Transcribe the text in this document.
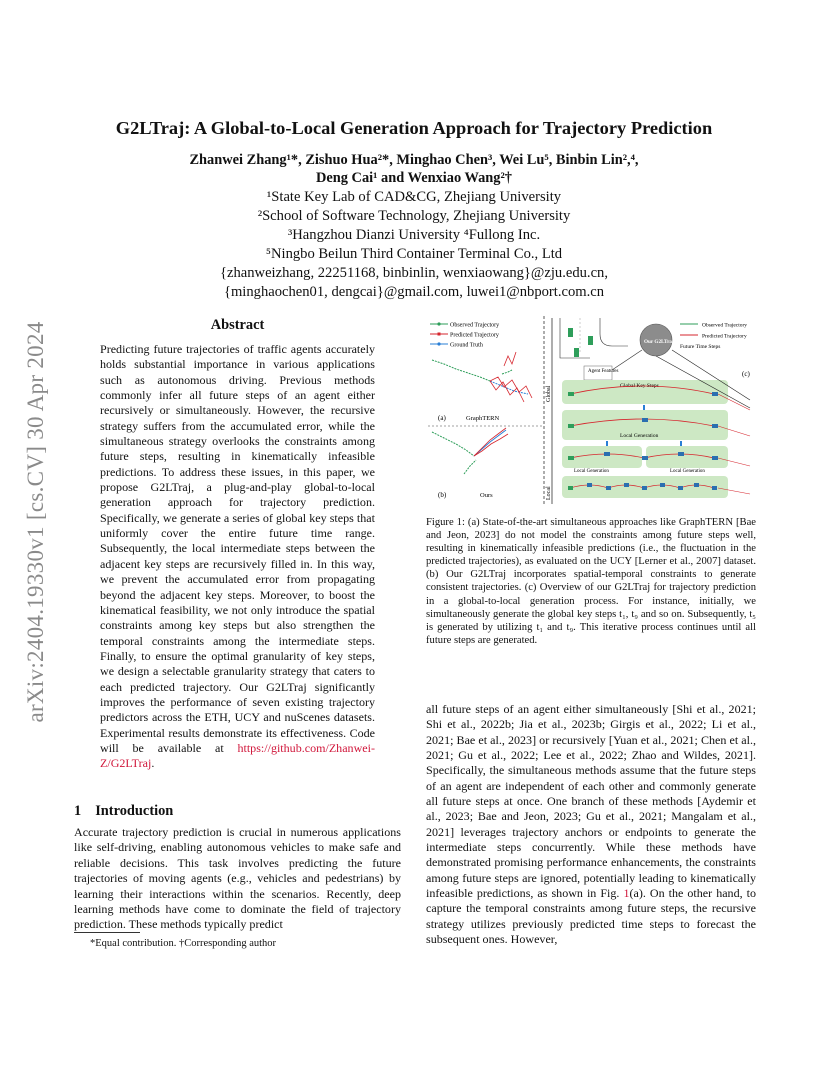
arXiv:2404.19330v1 [cs.CV] 30 Apr 2024
G2LTraj: A Global-to-Local Generation Approach for Trajectory Prediction
Zhanwei Zhang¹*, Zishuo Hua²*, Minghao Chen³, Wei Lu⁵, Binbin Lin²,⁴,
Deng Cai¹ and Wenxiao Wang²†
¹State Key Lab of CAD&CG, Zhejiang University
²School of Software Technology, Zhejiang University
³Hangzhou Dianzi University ⁴Fullong Inc.
⁵Ningbo Beilun Third Container Terminal Co., Ltd
{zhanweizhang, 22251168, binbinlin, wenxiaowang}@zju.edu.cn,
{minghaochen01, dengcai}@gmail.com, luwei1@nbport.com.cn
Abstract
Predicting future trajectories of traffic agents accurately holds substantial importance in various applications such as autonomous driving. Previous methods commonly infer all future steps of an agent either recursively or simultaneously. However, the recursive strategy suffers from the accumulated error, while the simultaneous strategy overlooks the constraints among future steps, resulting in kinematically infeasible predictions. To address these issues, in this paper, we propose G2LTraj, a plug-and-play global-to-local generation approach for trajectory prediction. Specifically, we generate a series of global key steps that uniformly cover the entire future time range. Subsequently, the local intermediate steps between the adjacent key steps are recursively filled in. In this way, we prevent the accumulated error from propagating beyond the adjacent key steps. Moreover, to boost the kinematical feasibility, we not only introduce the spatial constraints among key steps but also strengthen the temporal constraints among the intermediate steps. Finally, to ensure the optimal granularity of key steps, we design a selectable granularity strategy that caters to each predicted trajectory. Our G2LTraj significantly improves the performance of seven existing trajectory predictors across the ETH, UCY and nuScenes datasets. Experimental results demonstrate its effectiveness. Code will be available at https://github.com/Zhanwei-Z/G2LTraj.
1 Introduction
Accurate trajectory prediction is crucial in numerous applications like self-driving, enabling autonomous vehicles to make safe and reliable decisions. This task involves predicting the future trajectories of moving agents (e.g., vehicles and pedestrians) by learning their interactions within the scenarios. Recently, deep learning methods have come to dominate the field of trajectory prediction. These methods typically predict
*Equal contribution. †Corresponding author
Observed Trajectory
Predicted Trajectory
Ground Truth
(a)	GraphTERN
(b)	Ours
Global
Local
Agent Features
Our G2LTraj
Observed Trajectory
Predicted Trajectory
Future Time Steps
(c)
Global Key Steps
Local Generation
Local Generation	Local Generation
Figure 1: (a) State-of-the-art simultaneous approaches like GraphTERN [Bae and Jeon, 2023] do not model the constraints among future steps well, resulting in kinematically infeasible predictions (i.e., the fluctuation in the predicted trajectories), as evaluated on the UCY [Lerner et al., 2007] dataset. (b) Our G2LTraj incorporates spatial-temporal constraints to generate consistent trajectories. (c) Overview of our G2LTraj for trajectory prediction in a global-to-local generation process. For instance, initially, we simultaneously generate the global key steps t₁, t₉ and so on. Subsequently, t₅ is generated by utilizing t₁ and t₉. This iterative process continues until all future steps are generated.
all future steps of an agent either simultaneously [Shi et al., 2021; Shi et al., 2022b; Jia et al., 2023b; Girgis et al., 2022; Li et al., 2021; Bae et al., 2023] or recursively [Yuan et al., 2021; Chen et al., 2021; Gu et al., 2022; Lee et al., 2022; Zhao and Wildes, 2021]. Specifically, the simultaneous methods assume that the future steps of an agent are independent of each other and commonly generate all future steps at once. One branch of these methods [Aydemir et al., 2023; Bae and Jeon, 2023; Gu et al., 2021; Mangalam et al., 2021] leverages trajectory anchors or endpoints to generate the intermediate steps concurrently. While these methods have demonstrated promising performance enhancements, the constraints among future steps are ignored, potentially leading to kinematically infeasible predictions, as shown in Fig. 1(a). On the other hand, to capture the temporal constraints among future steps, the recursive strategy utilizes previously predicted time steps to forecast the subsequent ones. However,
